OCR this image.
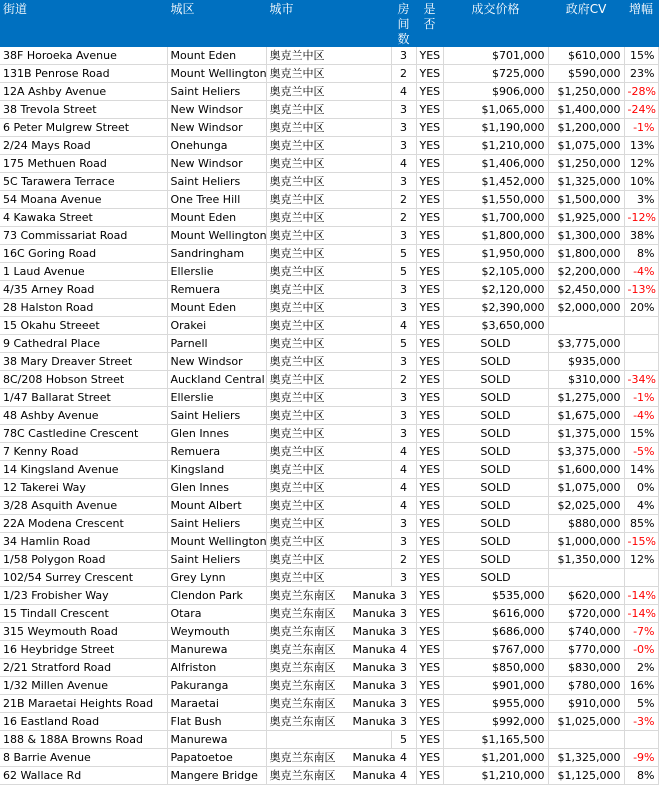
街道	城区	城市	房间数	是否	成交价格	政府CV	增幅
38F Horoeka Avenue	Mount Eden	奥克兰中区	3	YES	$701,000	$610,000	15%
131B Penrose Road	Mount Wellington	奥克兰中区	2	YES	$725,000	$590,000	23%
12A Ashby Avenue	Saint Heliers	奥克兰中区	4	YES	$906,000	$1,250,000	-28%
38 Trevola Street	New Windsor	奥克兰中区	3	YES	$1,065,000	$1,400,000	-24%
6 Peter Mulgrew Street	New Windsor	奥克兰中区	3	YES	$1,190,000	$1,200,000	-1%
2/24 Mays Road	Onehunga	奥克兰中区	3	YES	$1,210,000	$1,075,000	13%
175 Methuen Road	New Windsor	奥克兰中区	4	YES	$1,406,000	$1,250,000	12%
5C Tarawera Terrace	Saint Heliers	奥克兰中区	3	YES	$1,452,000	$1,325,000	10%
54 Moana Avenue	One Tree Hill	奥克兰中区	2	YES	$1,550,000	$1,500,000	3%
4 Kawaka Street	Mount Eden	奥克兰中区	2	YES	$1,700,000	$1,925,000	-12%
73 Commissariat Road	Mount Wellington	奥克兰中区	3	YES	$1,800,000	$1,300,000	38%
16C Goring Road	Sandringham	奥克兰中区	5	YES	$1,950,000	$1,800,000	8%
1 Laud Avenue	Ellerslie	奥克兰中区	5	YES	$2,105,000	$2,200,000	-4%
4/35 Arney Road	Remuera	奥克兰中区	3	YES	$2,120,000	$2,450,000	-13%
28 Halston Road	Mount Eden	奥克兰中区	3	YES	$2,390,000	$2,000,000	20%
15 Okahu Streeet	Orakei	奥克兰中区	4	YES	$3,650,000		
9 Cathedral Place	Parnell	奥克兰中区	5	YES	SOLD	$3,775,000	
38 Mary Dreaver Street	New Windsor	奥克兰中区	3	YES	SOLD	$935,000	
8C/208 Hobson Street	Auckland Central	奥克兰中区	2	YES	SOLD	$310,000	-34%
1/47 Ballarat Street	Ellerslie	奥克兰中区	3	YES	SOLD	$1,275,000	-1%
48 Ashby Avenue	Saint Heliers	奥克兰中区	3	YES	SOLD	$1,675,000	-4%
78C Castledine Crescent	Glen Innes	奥克兰中区	3	YES	SOLD	$1,375,000	15%
7 Kenny Road	Remuera	奥克兰中区	4	YES	SOLD	$3,375,000	-5%
14 Kingsland Avenue	Kingsland	奥克兰中区	4	YES	SOLD	$1,600,000	14%
12 Takerei Way	Glen Innes	奥克兰中区	4	YES	SOLD	$1,075,000	0%
3/28 Asquith Avenue	Mount Albert	奥克兰中区	4	YES	SOLD	$2,025,000	4%
22A Modena Crescent	Saint Heliers	奥克兰中区	3	YES	SOLD	$880,000	85%
34 Hamlin Road	Mount Wellington	奥克兰中区	3	YES	SOLD	$1,000,000	-15%
1/58 Polygon Road	Saint Heliers	奥克兰中区	2	YES	SOLD	$1,350,000	12%
102/54 Surrey Crescent	Grey Lynn	奥克兰中区	3	YES	SOLD		
1/23 Frobisher Way	Clendon Park	奥克兰东南区 Manuka	3	YES	$535,000	$620,000	-14%
15 Tindall Crescent	Otara	奥克兰东南区 Manuka	3	YES	$616,000	$720,000	-14%
315 Weymouth Road	Weymouth	奥克兰东南区 Manuka	3	YES	$686,000	$740,000	-7%
16 Heybridge Street	Manurewa	奥克兰东南区 Manuka	4	YES	$767,000	$770,000	-0%
2/21 Stratford Road	Alfriston	奥克兰东南区 Manuka	3	YES	$850,000	$830,000	2%
1/32 Millen Avenue	Pakuranga	奥克兰东南区 Manuka	3	YES	$901,000	$780,000	16%
21B Maraetai Heights Road	Maraetai	奥克兰东南区 Manuka	3	YES	$955,000	$910,000	5%
16 Eastland Road	Flat Bush	奥克兰东南区 Manuka	3	YES	$992,000	$1,025,000	-3%
188 & 188A Browns Road	Manurewa		5	YES	$1,165,500		
8 Barrie Avenue	Papatoetoe	奥克兰东南区 Manuka	4	YES	$1,201,000	$1,325,000	-9%
62 Wallace Rd	Mangere Bridge	奥克兰东南区 Manuka	4	YES	$1,210,000	$1,125,000	8%
